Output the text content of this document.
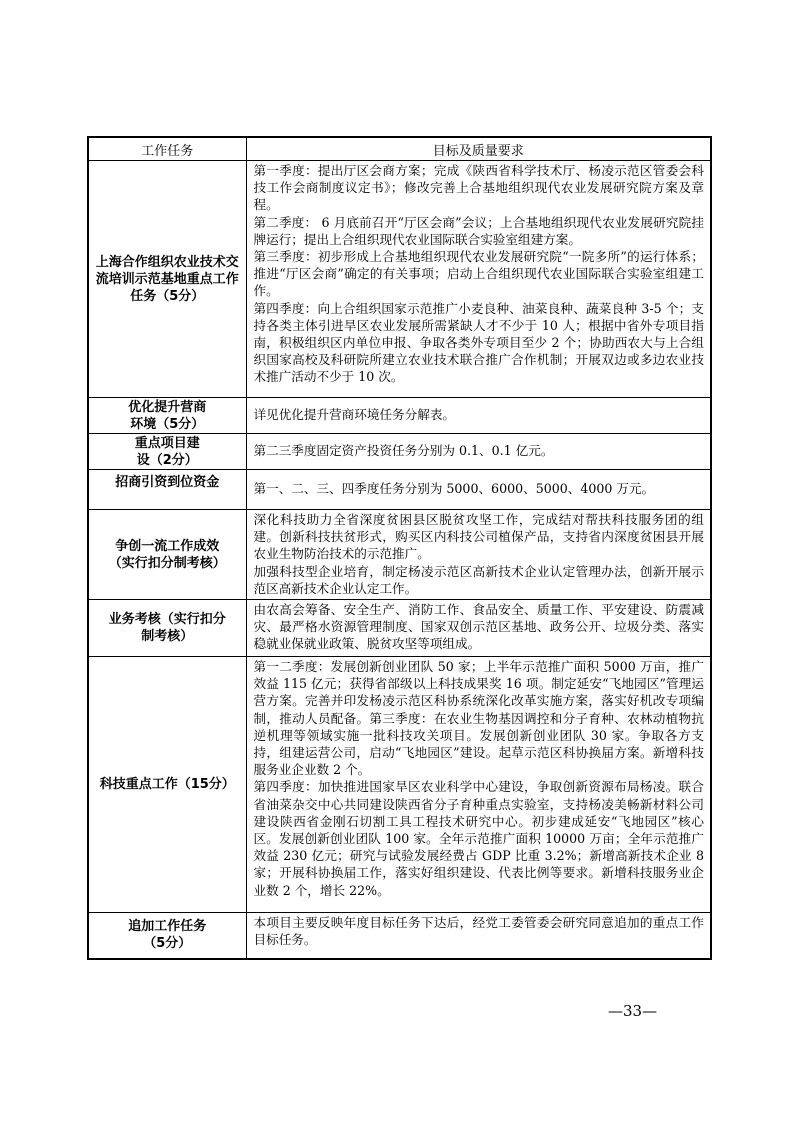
工作任务	目标及质量要求
上海合作组织农业技术交流培训示范基地重点工作任务（5分）	第一季度：提出厅区会商方案；完成《陕西省科学技术厅、杨凌示范区管委会科技工作会商制度议定书》；修改完善上合基地组织现代农业发展研究院方案及章程。

第二季度： 6 月底前召开“厅区会商”会议；上合基地组织现代农业发展研究院挂牌运行；提出上合组织现代农业国际联合实验室组建方案。

第三季度：初步形成上合基地组织现代农业发展研究院“一院多所”的运行体系；推进“厅区会商”确定的有关事项；启动上合组织现代农业国际联合实验室组建工作。

第四季度：向上合组织国家示范推广小麦良种、油菜良种、蔬菜良种 3-5 个；支持各类主体引进旱区农业发展所需紧缺人才不少于 10 人；根据中省外专项目指南，积极组织区内单位申报、争取各类外专项目至少 2 个；协助西农大与上合组织国家高校及科研院所建立农业技术联合推广合作机制；开展双边或多边农业技术推广活动不少于 10 次。

优化提升营商环境（5分）	详见优化提升营商环境任务分解表。

重点项目建设（2分）	第二三季度固定资产投资任务分别为 0.1、0.1 亿元。

招商引资到位资金	第一、二、三、四季度任务分别为 5000、6000、5000、4000 万元。

争创一流工作成效（实行扣分制考核）	深化科技助力全省深度贫困县区脱贫攻坚工作，完成结对帮扶科技服务团的组建。创新科技扶贫形式，购买区内科技公司植保产品，支持省内深度贫困县开展农业生物防治技术的示范推广。

加强科技型企业培育，制定杨凌示范区高新技术企业认定管理办法，创新开展示范区高新技术企业认定工作。

业务考核（实行扣分制考核）	由农高会筹备、安全生产、消防工作、食品安全、质量工作、平安建设、防震减灾、最严格水资源管理制度、国家双创示范区基地、政务公开、垃圾分类、落实稳就业保就业政策、脱贫攻坚等项组成。

科技重点工作（15分）	第一二季度：发展创新创业团队 50 家；上半年示范推广面积 5000 万亩，推广效益 115 亿元；获得省部级以上科技成果奖 16 项。制定延安“飞地园区”管理运营方案。完善并印发杨凌示范区科协系统深化改革实施方案，落实好机改专项编制，推动人员配备。第三季度：在农业生物基因调控和分子育种、农林动植物抗逆机理等领域实施一批科技攻关项目。发展创新创业团队 30 家。争取各方支持，组建运营公司，启动“飞地园区”建设。起草示范区科协换届方案。新增科技服务业企业数 2 个。

第四季度：加快推进国家旱区农业科学中心建设，争取创新资源布局杨凌。联合省油菜杂交中心共同建设陕西省分子育种重点实验室，支持杨凌美畅新材料公司建设陕西省金刚石切割工具工程技术研究中心。初步建成延安“飞地园区”核心区。发展创新创业团队 100 家。全年示范推广面积 10000 万亩；全年示范推广效益 230 亿元；研究与试验发展经费占 GDP 比重 3.2%；新增高新技术企业 8 家；开展科协换届工作，落实好组织建设、代表比例等要求。新增科技服务业企业数 2 个，增长 22%。

追加工作任务（5分）	本项目主要反映年度目标任务下达后，经党工委管委会研究同意追加的重点工作目标任务。

—33—
